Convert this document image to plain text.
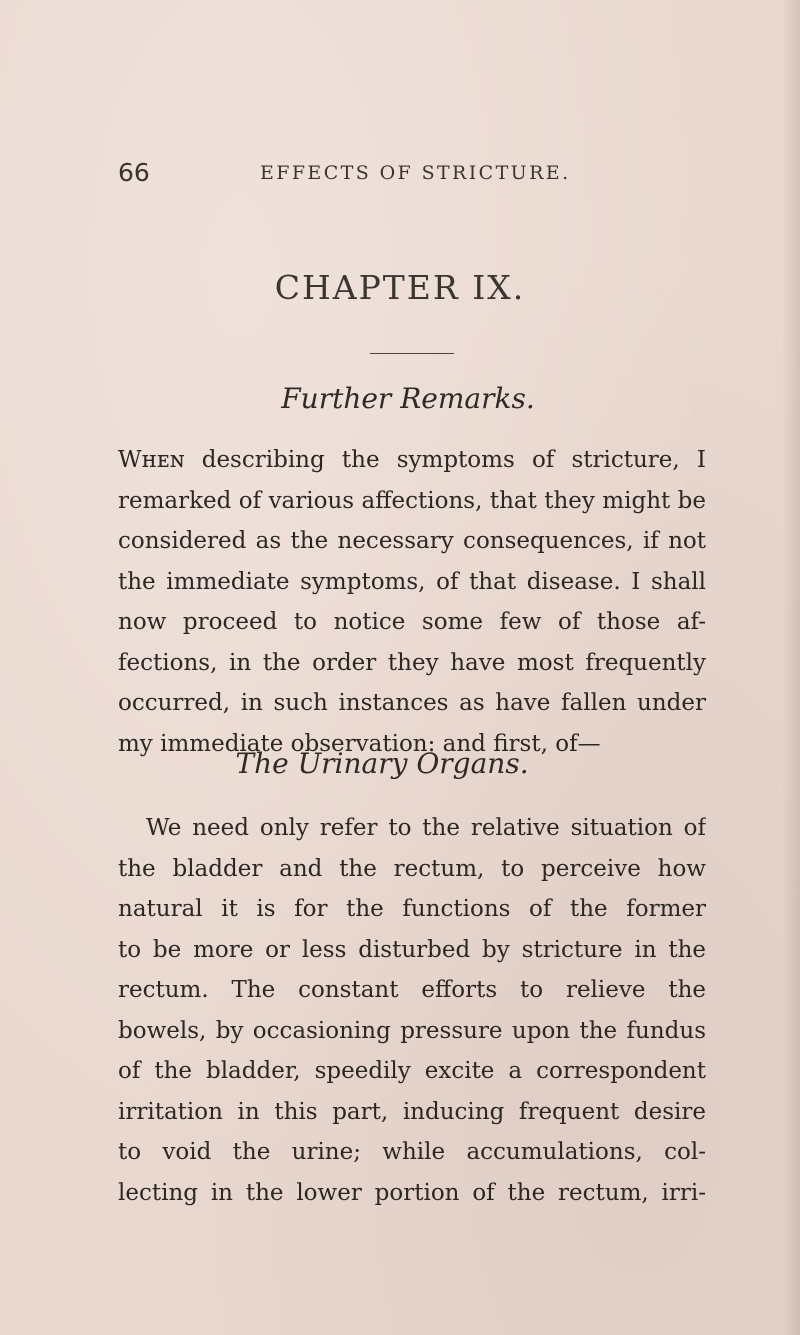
66	EFFECTS OF STRICTURE.
CHAPTER IX.
Further Remarks.
Wʜᴇɴ describing the symptoms of stricture, I
remarked of various affections, that they might be
considered as the necessary consequences, if not
the immediate symptoms, of that disease. I shall
now proceed to notice some few of those af-
fections, in the order they have most frequently
occurred, in such instances as have fallen under
my immediate observation: and first, of—
The Urinary Organs.
We need only refer to the relative situation of
the bladder and the rectum, to perceive how
natural it is for the functions of the former
to be more or less disturbed by stricture in the
rectum. The constant efforts to relieve the
bowels, by occasioning pressure upon the fundus
of the bladder, speedily excite a correspondent
irritation in this part, inducing frequent desire
to void the urine; while accumulations, col-
lecting in the lower portion of the rectum, irri-
